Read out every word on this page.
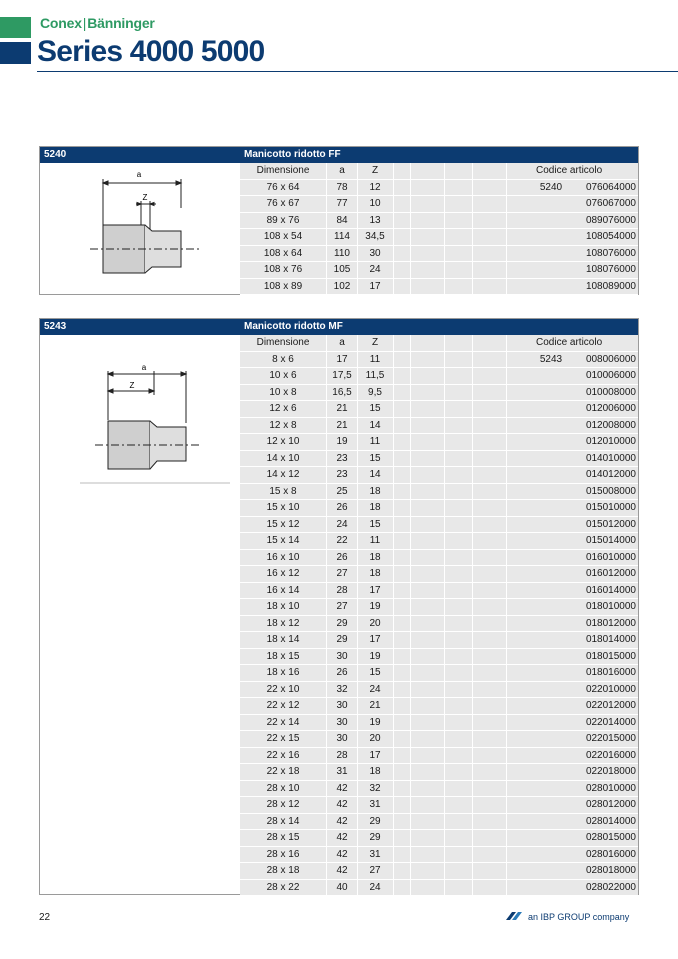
Conex|Bänninger
Series 4000 5000
5240	Manicotto ridotto FF
a
Z
Dimensione	a	Z	Codice articolo
5240
76 x 64	78	12	076064000
76 x 67	77	10	076067000
89 x 76	84	13	089076000
108 x 54	114	34,5	108054000
108 x 64	110	30	108076000
108 x 76	105	24	108076000
108 x 89	102	17	108089000
5243	Manicotto ridotto MF
a
Z
Dimensione	a	Z	Codice articolo
5243
8 x 6	17	11	008006000
10 x 6	17,5	11,5	010006000
10 x 8	16,5	9,5	010008000
12 x 6	21	15	012006000
12 x 8	21	14	012008000
12 x 10	19	11	012010000
14 x 10	23	15	014010000
14 x 12	23	14	014012000
15 x 8	25	18	015008000
15 x 10	26	18	015010000
15 x 12	24	15	015012000
15 x 14	22	11	015014000
16 x 10	26	18	016010000
16 x 12	27	18	016012000
16 x 14	28	17	016014000
18 x 10	27	19	018010000
18 x 12	29	20	018012000
18 x 14	29	17	018014000
18 x 15	30	19	018015000
18 x 16	26	15	018016000
22 x 10	32	24	022010000
22 x 12	30	21	022012000
22 x 14	30	19	022014000
22 x 15	30	20	022015000
22 x 16	28	17	022016000
22 x 18	31	18	022018000
28 x 10	42	32	028010000
28 x 12	42	31	028012000
28 x 14	42	29	028014000
28 x 15	42	29	028015000
28 x 16	42	31	028016000
28 x 18	42	27	028018000
28 x 22	40	24	028022000
22	an IBP GROUP company
